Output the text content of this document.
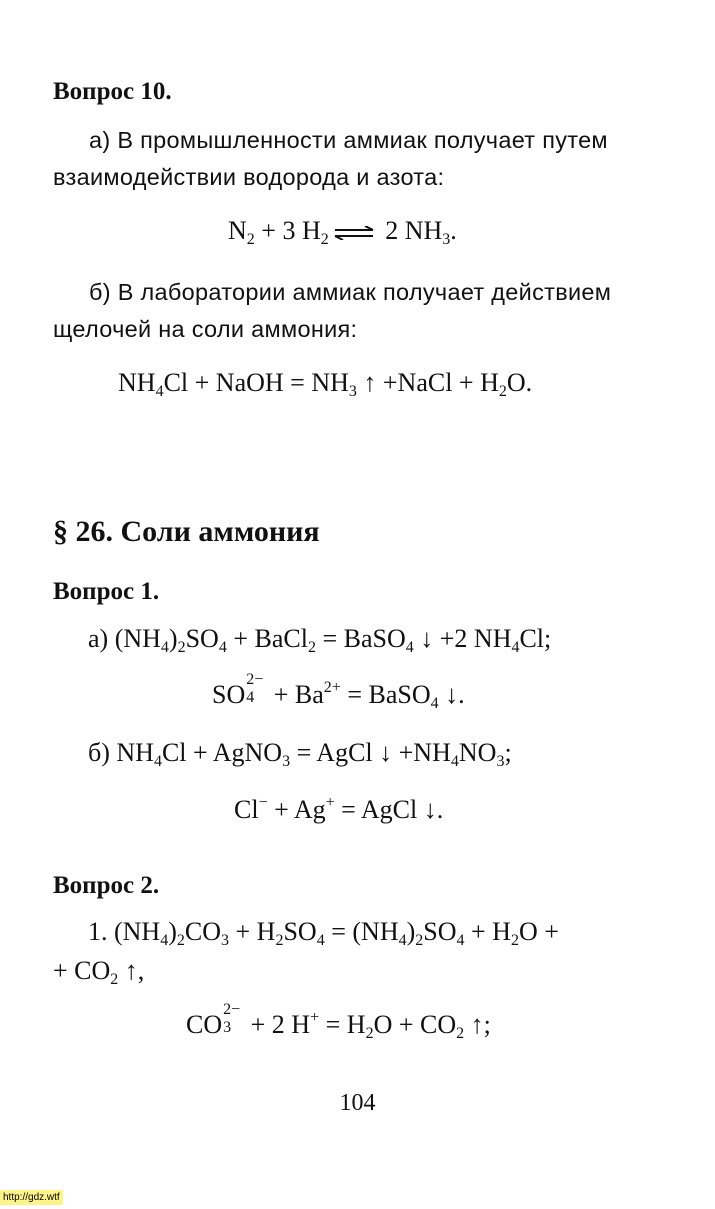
Вопрос 10.
а) В промышленности аммиак получает путем взаимодействии водорода и азота:
$N_2 + 3$ $H_2$ ⇌ 2 $NH_3$.
б) В лаборатории аммиак получает действием щелочей на соли аммония:
$NH_4Cl$ + NaOH = $NH_3$ ↑ +NaCl + $H_2O$.
§ 26. Соли аммония
Вопрос 1.
а) $(NH_4)_2SO_4$ + BaCl$_2$ = BaSO$_4$ ↓ +2 $NH_4Cl$;
SO
2−
$4 + Ba^{2+}$ = BaSO$_4$ ↓.
б) $NH_4Cl$ + AgNO$_3$ = AgCl ↓ $+NH_4NO_3$;
Cl− + Ag+ = AgCl ↓.
Вопрос 2.
1. $(NH_4)_2CO_3 + H_2SO_4 = (NH_4)_2SO_4 + H_2O$ +
+ $CO_2$ ↑,
CO
2−
3 + 2 $H^+ = H_2O + CO_2$ ↑;
104
http://gdz.wtf
